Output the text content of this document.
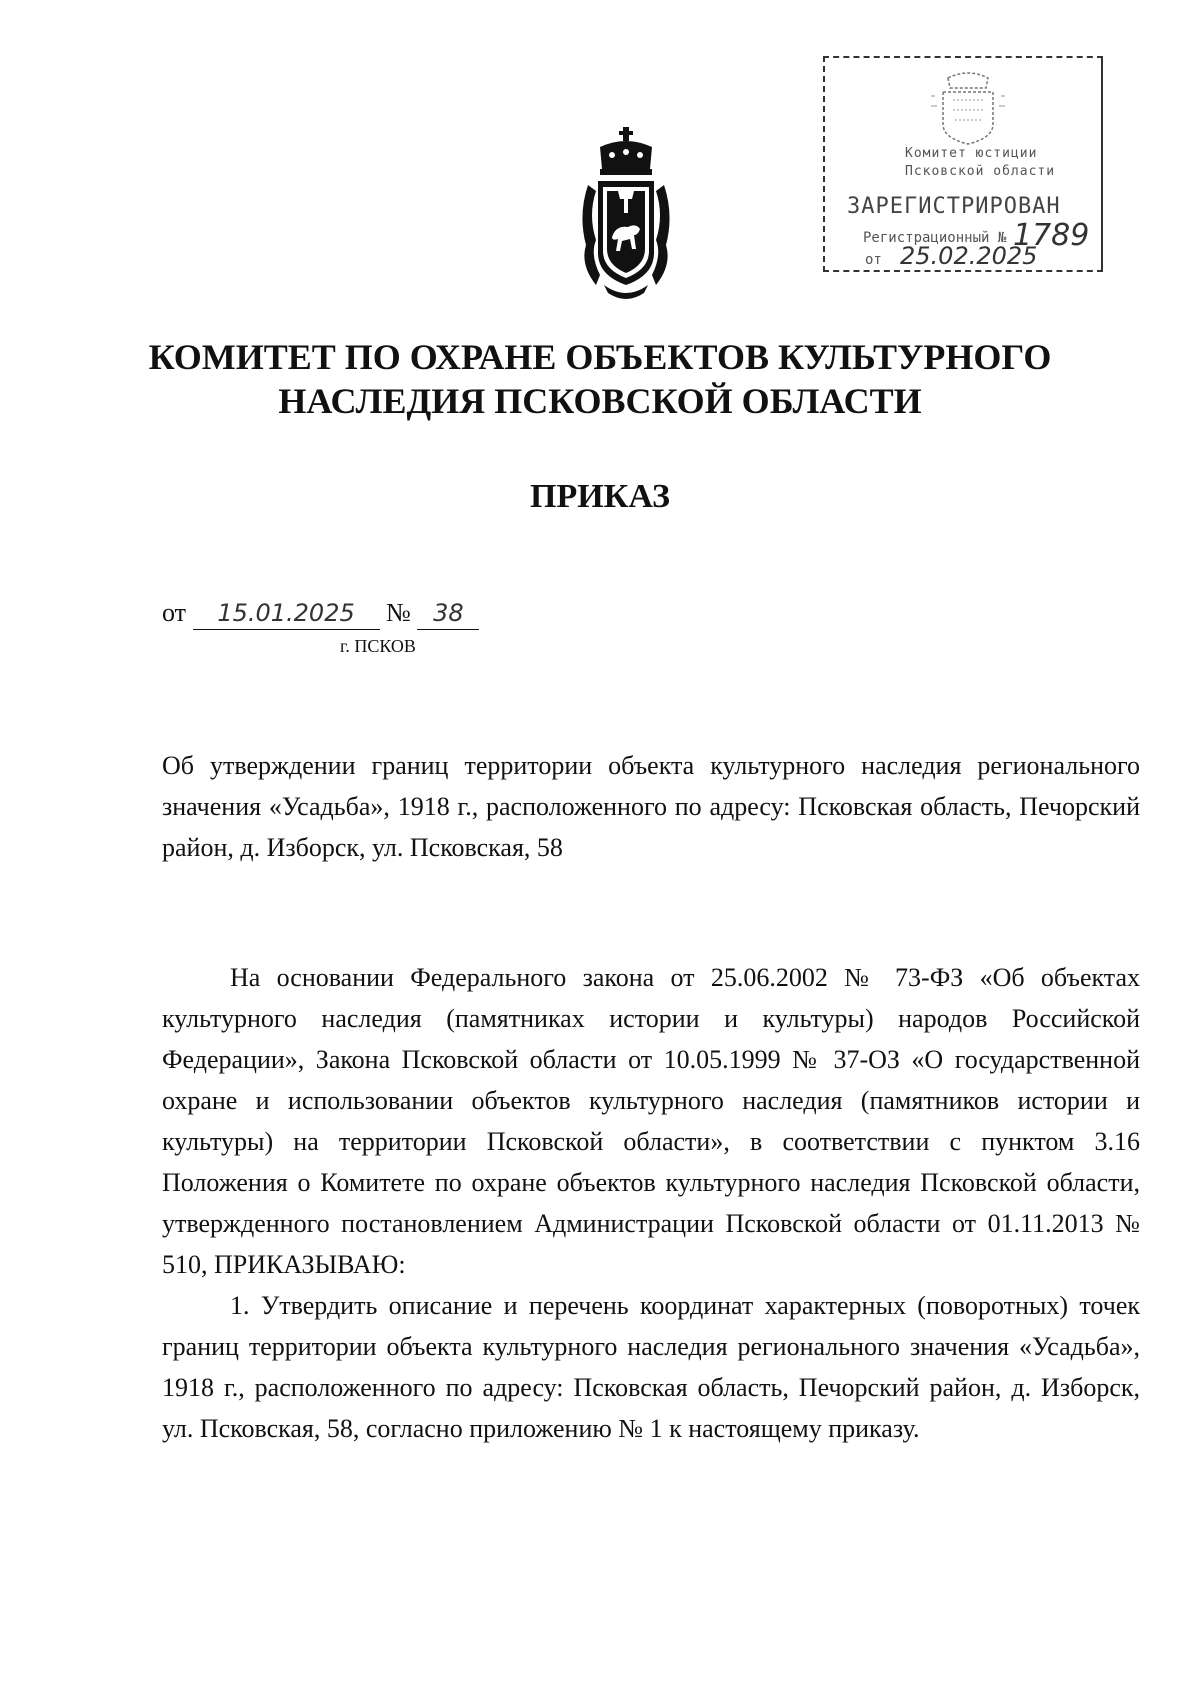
Комитет юстиции
Псковской области
ЗАРЕГИСТРИРОВАН
Регистрационный № 1789
от 25.02.2025
КОМИТЕТ ПО ОХРАНЕ ОБЪЕКТОВ КУЛЬТУРНОГО
НАСЛЕДИЯ ПСКОВСКОЙ ОБЛАСТИ
ПРИКАЗ
от 15.01.2025 № 38
г. ПСКОВ
Об утверждении границ территории объекта культурного наследия регионального значения «Усадьба», 1918 г., расположенного по адресу: Псковская область, Печорский район, д. Изборск, ул. Псковская, 58

На основании Федерального закона от 25.06.2002 № 73-ФЗ «Об объектах культурного наследия (памятниках истории и культуры) народов Российской Федерации», Закона Псковской области от 10.05.1999 № 37-ОЗ «О государственной охране и использовании объектов культурного наследия (памятников истории и культуры) на территории Псковской области», в соответствии с пунктом 3.16 Положения о Комитете по охране объектов культурного наследия Псковской области, утвержденного постановлением Администрации Псковской области от 01.11.2013 № 510, ПРИКАЗЫВАЮ:

1. Утвердить описание и перечень координат характерных (поворотных) точек границ территории объекта культурного наследия регионального значения «Усадьба», 1918 г., расположенного по адресу: Псковская область, Печорский район, д. Изборск, ул. Псковская, 58, согласно приложению № 1 к настоящему приказу.
